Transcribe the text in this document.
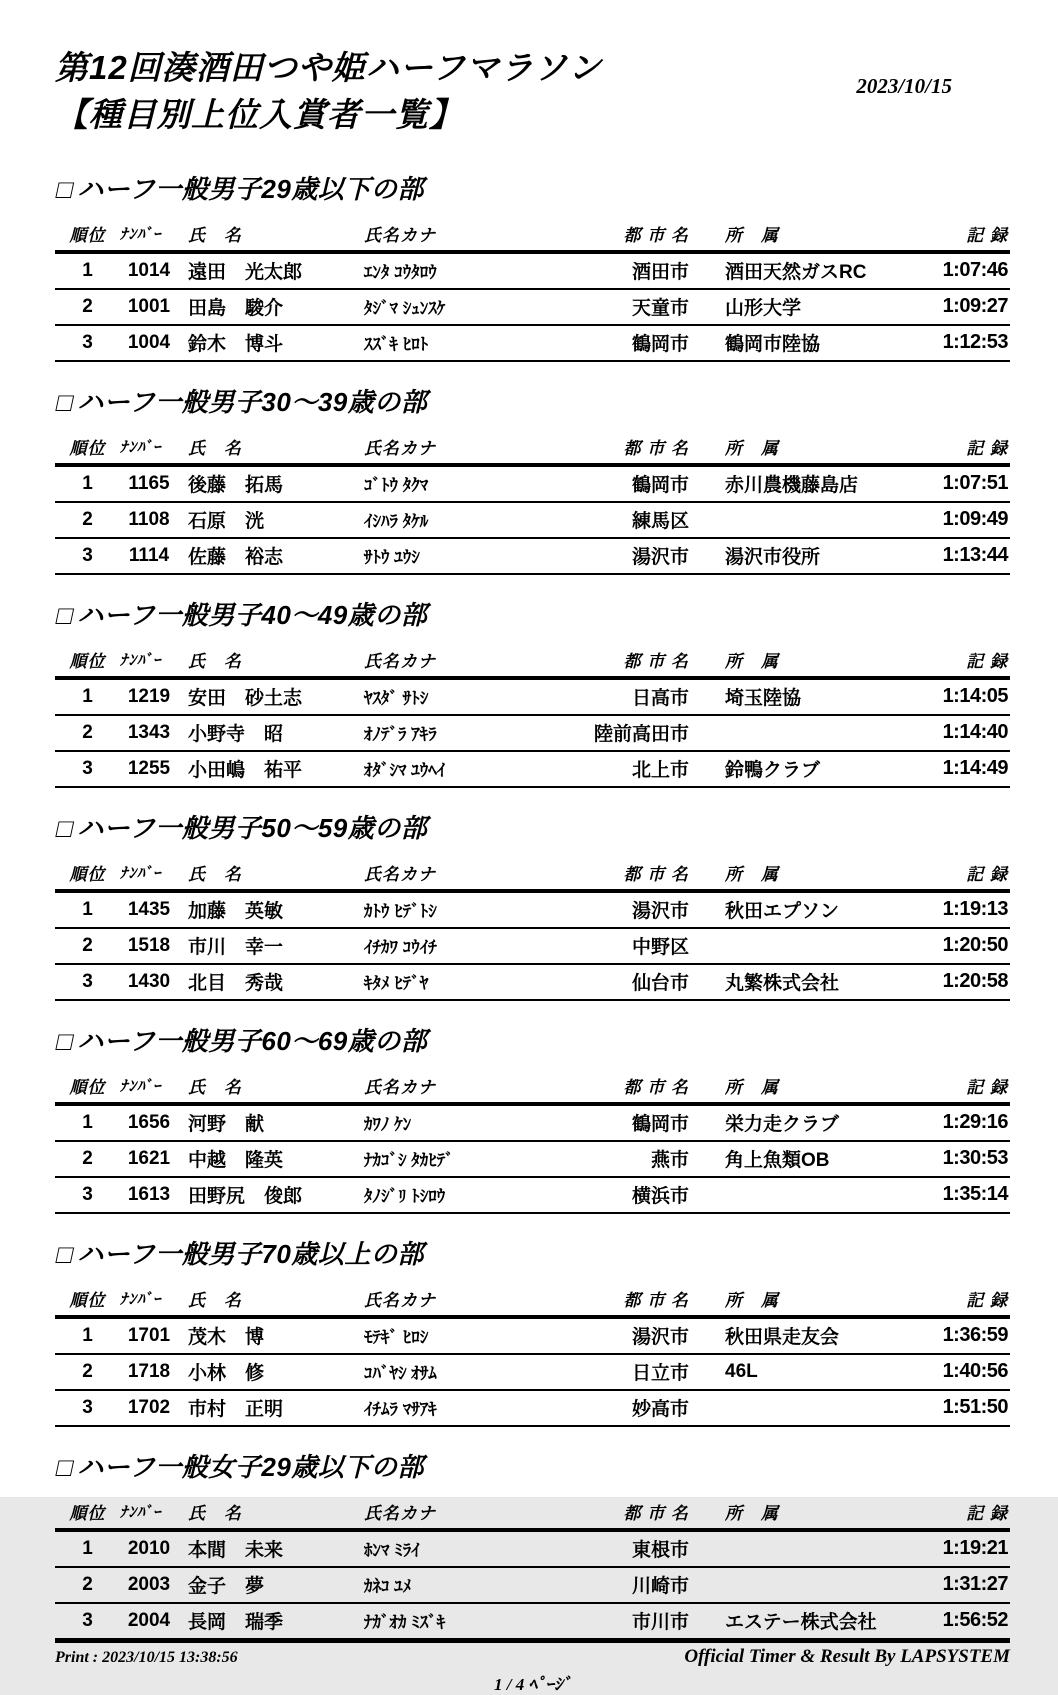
第12回湊酒田つや姫ハーフマラソン
【種目別上位入賞者一覧】
2023/10/15
□ハーフ一般男子29歳以下の部
順位	ﾅﾝﾊﾞｰ	氏　名	氏名カナ	都 市 名	所　属	記 録
1	1014	遠田　光太郎	ｴﾝﾀ ｺｳﾀﾛｳ	酒田市	酒田天然ガスRC	1:07:46
2	1001	田島　駿介	ﾀｼﾞﾏ ｼｭﾝｽｹ	天童市	山形大学	1:09:27
3	1004	鈴木　博斗	ｽｽﾞｷ ﾋﾛﾄ	鶴岡市	鶴岡市陸協	1:12:53
□ハーフ一般男子30～39歳の部
順位	ﾅﾝﾊﾞｰ	氏　名	氏名カナ	都 市 名	所　属	記 録
1	1165	後藤　拓馬	ｺﾞﾄｳ ﾀｸﾏ	鶴岡市	赤川農機藤島店	1:07:51
2	1108	石原　洸	ｲｼﾊﾗ ﾀｹﾙ	練馬区		1:09:49
3	1114	佐藤　裕志	ｻﾄｳ ﾕｳｼ	湯沢市	湯沢市役所	1:13:44
□ハーフ一般男子40～49歳の部
順位	ﾅﾝﾊﾞｰ	氏　名	氏名カナ	都 市 名	所　属	記 録
1	1219	安田　砂土志	ﾔｽﾀﾞ ｻﾄｼ	日高市	埼玉陸協	1:14:05
2	1343	小野寺　昭	ｵﾉﾃﾞﾗ ｱｷﾗ	陸前高田市		1:14:40
3	1255	小田嶋　祐平	ｵﾀﾞｼﾏ ﾕｳﾍｲ	北上市	鈴鴨クラブ	1:14:49
□ハーフ一般男子50～59歳の部
順位	ﾅﾝﾊﾞｰ	氏　名	氏名カナ	都 市 名	所　属	記 録
1	1435	加藤　英敏	ｶﾄｳ ﾋﾃﾞﾄｼ	湯沢市	秋田エプソン	1:19:13
2	1518	市川　幸一	ｲﾁｶﾜ ｺｳｲﾁ	中野区		1:20:50
3	1430	北目　秀哉	ｷﾀﾒ ﾋﾃﾞﾔ	仙台市	丸繁株式会社	1:20:58
□ハーフ一般男子60～69歳の部
順位	ﾅﾝﾊﾞｰ	氏　名	氏名カナ	都 市 名	所　属	記 録
1	1656	河野　献	ｶﾜﾉ ｹﾝ	鶴岡市	栄力走クラブ	1:29:16
2	1621	中越　隆英	ﾅｶｺﾞｼ ﾀｶﾋﾃﾞ	燕市	角上魚類OB	1:30:53
3	1613	田野尻　俊郎	ﾀﾉｼﾞﾘ ﾄｼﾛｳ	横浜市		1:35:14
□ハーフ一般男子70歳以上の部
順位	ﾅﾝﾊﾞｰ	氏　名	氏名カナ	都 市 名	所　属	記 録
1	1701	茂木　博	ﾓﾃｷﾞ ﾋﾛｼ	湯沢市	秋田県走友会	1:36:59
2	1718	小林　修	ｺﾊﾞﾔｼ ｵｻﾑ	日立市	46L	1:40:56
3	1702	市村　正明	ｲﾁﾑﾗ ﾏｻｱｷ	妙高市		1:51:50
□ハーフ一般女子29歳以下の部
順位	ﾅﾝﾊﾞｰ	氏　名	氏名カナ	都 市 名	所　属	記 録
1	2010	本間　未来	ﾎﾝﾏ ﾐﾗｲ	東根市		1:19:21
2	2003	金子　夢	ｶﾈｺ ﾕﾒ	川崎市		1:31:27
3	2004	長岡　瑞季	ﾅｶﾞｵｶ ﾐｽﾞｷ	市川市	エステー株式会社	1:56:52
Print : 2023/10/15 13:38:56	Official Timer & Result By LAPSYSTEM
1 / 4 ﾍﾟｰｼﾞ
